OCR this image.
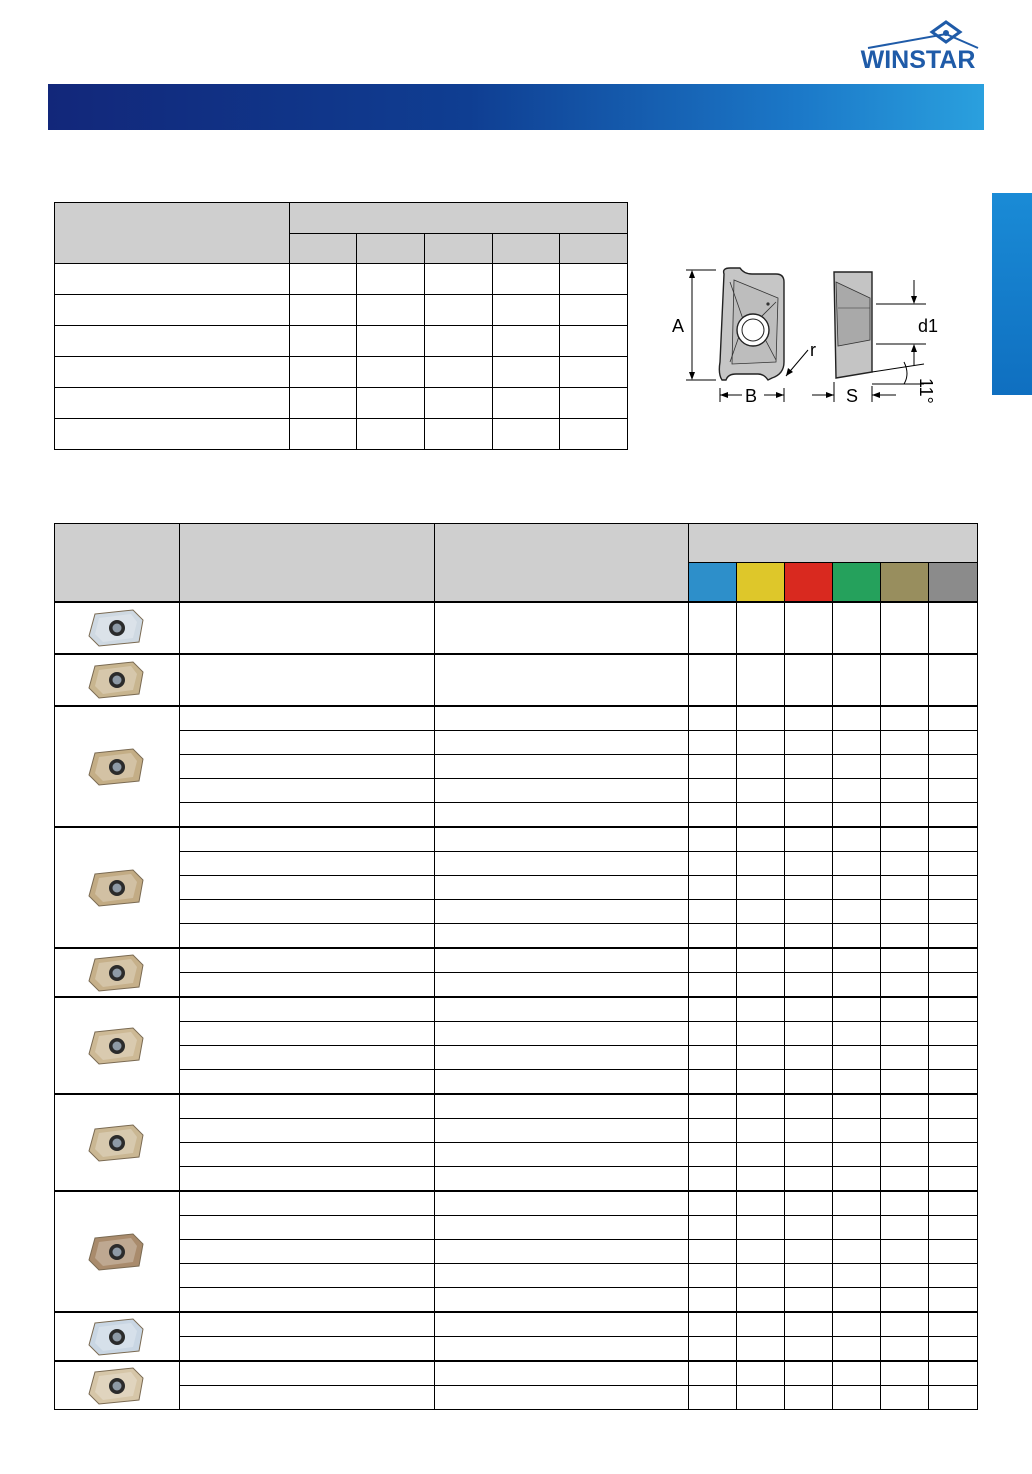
WINSTAR

A
B
r
d1
11°
S
